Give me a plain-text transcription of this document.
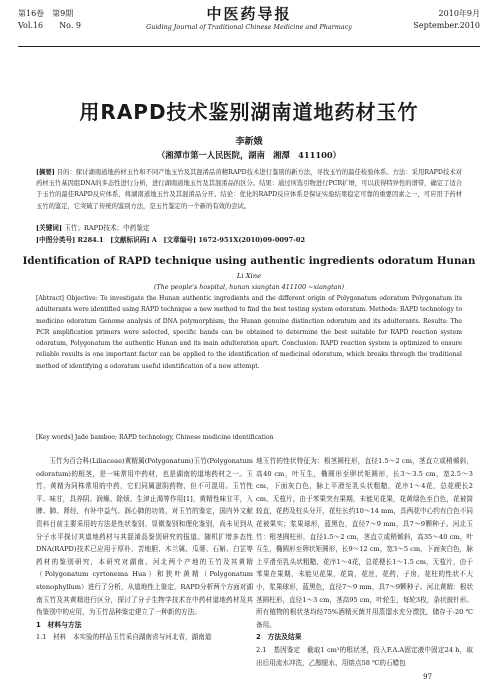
第16卷　第9期
Vol.16　　No. 9
中医药导报
Guiding Journal of Traditional Chinese Medicine and Pharmacy
2010年9月
September.2010
用RAPD技术鉴别湖南道地药材玉竹
李新娥
（湘潭市第一人民医院，湖南　湘潭　411100）
[摘要] 目的：探讨湖南道地药材玉竹和不同产地玉竹及其混淆品黄精RAPD技术进行鉴别的新方法，寻找玉竹的最佳检验体系。方法：采用RAPD技术对药材玉竹基因组DNA的多态性进行分析，进行湖南道地玉竹及其混淆品的区分。结果：通过所选引物进行PCR扩增，可以获得特异性的谱带，确定了适合于玉竹的最佳RAPD反应体系，将湖南道地玉竹及其混淆品分开。结论：优化的RAPD反应体系是保证实验结果稳定可靠的重要因素之一，可应用于药材玉竹的鉴定，它突破了传统的鉴别方法，是玉竹鉴定的一个新的有效的尝试。
[关键词] 玉竹；RAPD技术；中药鉴定
[中图分类号] R284.1　[文献标识码] A　[文章编号] 1672-951X(2010)09-0097-02
Identification of RAPD technique using authentic ingredients odoratum Hunan
Li Xine
(The people's hospital, hunan xiangtan 411100 ~xiangtan)
[Abtract] Objective: To investigate the Hunan authentic ingredients and the different origin of Polygonatum odoratum Polygonatum its adulterants were identified using RAPD technique a new method to find the best testing system odoratum. Methods: RAPD technology to medicine odoratum Genome analysis of DNA polymorphism, the Hunan genuine distinction odoratum and its adulterants. Results: The PCR amplification primers were selected, specific bands can be obtained to determine the best suitable for RAPD reaction system odoratum, Polygonatum the authentic Hunan and its main adulteration apart. Conclusion: RAPD reaction system is optimized to ensure reliable results is one important factor can be applied to the identification of medicinal odoratum, which breaks through the traditional method of identifying a odoratum useful identification of a new attempt.
[Key words] Jade bamboo; RAPD technology, Chinese medicine identification

玉竹为百合科(Liliaceae)黄精属(Polygonatum)玉竹(Polygonatum odoratum)的根茎，是一味常用中药材，也是湖南的道地药材之一。玉竹、黄精为同株常用的中药，它们同属滋阴药物，但不可混用。玉竹性平、味甘，具养阴、润燥、除烦、生津止渴等作用[1]，黄精性味甘平，入脾、肺、肾经，有补中益气、润心肺的功效，对玉竹的鉴定，国内外文献资料目前主要采用的方法是性状鉴别、显微鉴别和理化鉴别，尚未见到从分子水平探讨其道地药材与其混淆品鉴别研究的报道。随机扩增多态性DNA(RAPD)技术已应用于厚朴、苦地胆、木兰属、瓜蒌、石斛、白芷等药材的鉴别研究，本研究对湖南、河北两个产地的玉竹及其黄精（Polygonatum cyrtonema Hua）和狭叶黄精（Polygonatum stenophyllum）进行了分析，从道地性上鉴定，RAPD分析两个方面对湖南玉竹及其黄精进行区分，探讨了分子生物学技术在中药材道地药材及其伪鉴别中的应用，为玉竹品种鉴定建立了一种新的方法。

1　材料与方法

1.1　材料　本实验的样品玉竹采自湖南省与河北省，湖南道

地玉竹的性状特征为：根茎圆柱形，直径1.5～2 cm，茎直立或稍倾斜，高40 cm，叶互生，椭圆形至卵状矩圆形，长3～3.5 cm，宽2.5～3 cm，下面灰白色，脉上平滑至乳头状粗糙，花序1～4花，总花梗长2 cm，无苞片，由于苯果突有果期，未能见花果，花黄绿色至白色，花被筒较直，花药及柱头分开，花柱长约10～14 mm，具两花中心约有白色不同花被果实；浆果球形，蓝黑色，直径7～9 mm，具7～9颗种子。河北玉竹：根茎圆柱形，直径1.5～2 cm，茎直立或稍倾斜，高35～40 cm，叶互生，椭圆形至卵状矩圆形，长9～12 cm，宽3～5 cm，下面灰白色，脉上平滑至乳头状粗糙，花序1～4花，总花梗长1～1.5 cm，无苞片，由于苯果在果期，未能见花果，花筒，花丝，花药，子房，花柱的性状不大小，浆果球形，蓝黑色，直径7～9 mm，具7～9颗种子。河北黄精：根状茎圆柱形，直径1～3 cm，茎高95 cm，叶轮生，每轮3枚，条状披针形。所有植物的根状茎均经75%酒精灭菌并用蒸馏水充分漂洗，储存于-20 ℃备用。

2　方法及结果

2.1　基因鉴定　截取1 cm³的根状茎，投入F.A.A固定液中固定24 h，取出后用流水冲洗，乙醇脱水，用熔点58 ℃的石蜡包

97
